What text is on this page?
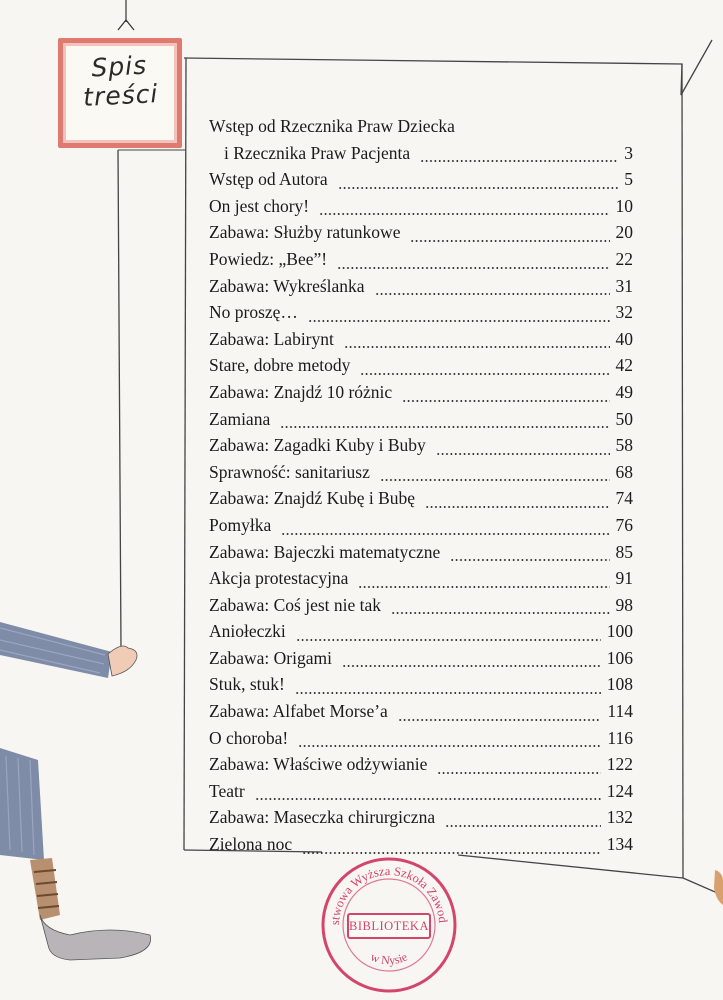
Spis
treści
Wstęp od Rzecznika Praw Dziecka
i Rzecznika Praw Pacjenta	3
Wstęp od Autora	5
On jest chory!	10
Zabawa: Służby ratunkowe	20
Powiedz: „Bee”!	22
Zabawa: Wykreślanka	31
No proszę…	32
Zabawa: Labirynt	40
Stare, dobre metody	42
Zabawa: Znajdź 10 różnic	49
Zamiana	50
Zabawa: Zagadki Kuby i Buby	58
Sprawność: sanitariusz	68
Zabawa: Znajdź Kubę i Bubę	74
Pomyłka	76
Zabawa: Bajeczki matematyczne	85
Akcja protestacyjna	91
Zabawa: Coś jest nie tak	98
Aniołeczki	100
Zabawa: Origami	106
Stuk, stuk!	108
Zabawa: Alfabet Morse’a	114
O choroba!	116
Zabawa: Właściwe odżywianie	122
Teatr	124
Zabawa: Maseczka chirurgiczna	132
Zielona noc	134
stwowa Wyższa Szkoła Zawod
w Nysie
BIBLIOTEKA
